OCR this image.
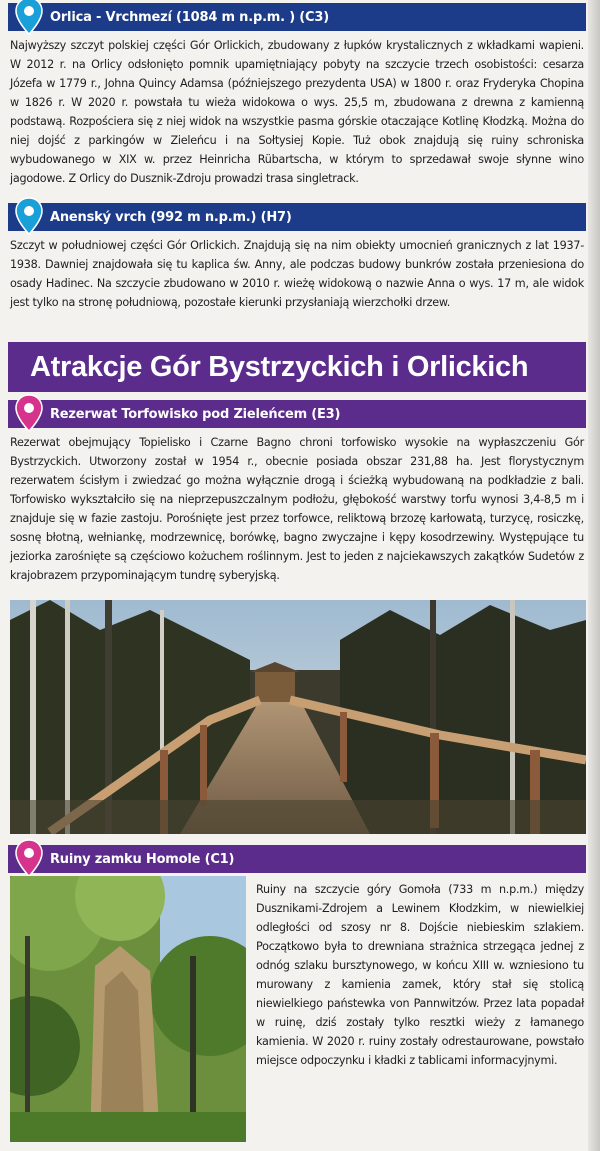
Orlica - Vrchmezí (1084 m n.p.m. ) (C3)
Najwyższy szczyt polskiej części Gór Orlickich, zbudowany z łupków krystalicznych z wkładkami wapieni. W 2012 r. na Orlicy odsłonięto pomnik upamiętniający pobyty na szczycie trzech osobistości: cesarza Józefa w 1779 r., Johna Quincy Adamsa (późniejszego prezydenta USA) w 1800 r. oraz Fryderyka Chopina w 1826 r. W 2020 r. powstała tu wieża widokowa o wys. 25,5 m, zbudowana z drewna z kamienną podstawą. Rozpościera się z niej widok na wszystkie pasma górskie otaczające Kotlinę Kłodzką. Można do niej dojść z parkingów w Zieleńcu i na Sołtysiej Kopie. Tuż obok znajdują się ruiny schroniska wybudowanego w XIX w. przez Heinricha Rübartscha, w którym to sprzedawał swoje słynne wino jagodowe. Z Orlicy do Dusznik-Zdroju prowadzi trasa singletrack.
Anenský vrch (992 m n.p.m.) (H7)
Szczyt w południowej części Gór Orlickich. Znajdują się na nim obiekty umocnień granicznych z lat 1937-1938. Dawniej znajdowała się tu kaplica św. Anny, ale podczas budowy bunkrów została przeniesiona do osady Hadinec. Na szczycie zbudowano w 2010 r. wieżę widokową o nazwie Anna o wys. 17 m, ale widok jest tylko na stronę południową, pozostałe kierunki przysłaniają wierzchołki drzew.
Atrakcje Gór Bystrzyckich i Orlickich
Rezerwat Torfowisko pod Zieleńcem (E3)
Rezerwat obejmujący Topielisko i Czarne Bagno chroni torfowisko wysokie na wypłaszczeniu Gór Bystrzyckich. Utworzony został w 1954 r., obecnie posiada obszar 231,88 ha. Jest florystycznym rezerwatem ścisłym i zwiedzać go można wyłącznie drogą i ścieżką wybudowaną na podkładzie z bali. Torfowisko wykształciło się na nieprzepuszczalnym podłożu, głębokość warstwy torfu wynosi 3,4-8,5 m i znajduje się w fazie zastoju. Porośnięte jest przez torfowce, reliktową brzozę karłowatą, turzycę, rosiczkę, sosnę błotną, wełniankę, modrzewnicę, borówkę, bagno zwyczajne i kępy kosodrzewiny. Występujące tu jeziorka zarośnięte są częściowo kożuchem roślinnym. Jest to jeden z najciekawszych zakątków Sudetów z krajobrazem przypominającym tundrę syberyjską.
Ruiny zamku Homole (C1)
Ruiny na szczycie góry Gomoła (733 m n.p.m.) między Dusznikami-Zdrojem a Lewinem Kłodzkim, w niewielkiej odległości od szosy nr 8. Dojście niebieskim szlakiem. Początkowo była to drewniana strażnica strzegąca jednej z odnóg szlaku bursztynowego, w końcu XIII w. wzniesiono tu murowany z kamienia zamek, który stał się stolicą niewielkiego państewka von Pannwitzów. Przez lata popadał w ruinę, dziś zostały tylko resztki wieży z łamanego kamienia. W 2020 r. ruiny zostały odrestaurowane, powstało miejsce odpoczynku i kładki z tablicami informacyjnymi.
